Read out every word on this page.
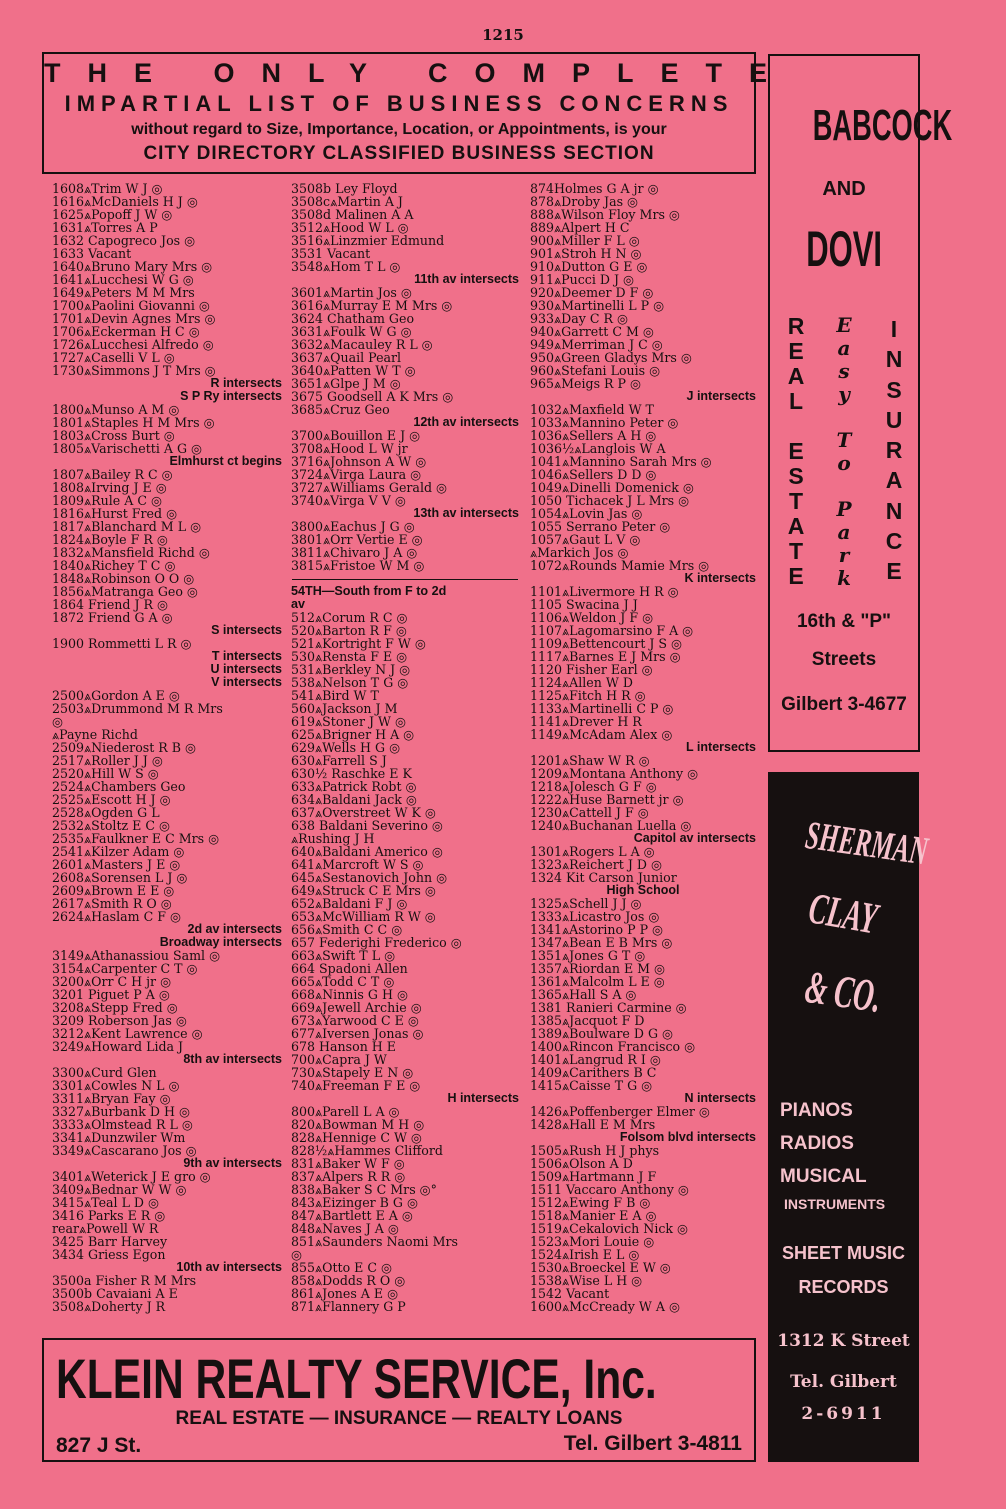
1215
THE ONLY COMPLETE
IMPARTIAL LIST OF BUSINESS CONCERNS
without regard to Size, Importance, Location, or Appointments, is your
CITY DIRECTORY CLASSIFIED BUSINESS SECTION
1608⩓Trim W J ◎
1616⩓McDaniels H J ◎
1625⩓Popoff J W ◎
1631⩓Torres A P
1632 Capogreco Jos ◎
1633 Vacant
1640⩓Bruno Mary Mrs ◎
1641⩓Lucchesi W G ◎
1649⩓Peters M M Mrs
1700⩓Paolini Giovanni ◎
1701⩓Devin Agnes Mrs ◎
1706⩓Eckerman H C ◎
1726⩓Lucchesi Alfredo ◎
1727⩓Caselli V L ◎
1730⩓Simmons J T Mrs ◎
R intersects
S P Ry intersects
1800⩓Munso A M ◎
1801⩓Staples H M Mrs ◎
1803⩓Cross Burt ◎
1805⩓Varischetti A G ◎
Elmhurst ct begins
1807⩓Bailey R C ◎
1808⩓Irving J E ◎
1809⩓Rule A C ◎
1816⩓Hurst Fred ◎
1817⩓Blanchard M L ◎
1824⩓Boyle F R ◎
1832⩓Mansfield Richd ◎
1840⩓Richey T C ◎
1848⩓Robinson O O ◎
1856⩓Matranga Geo ◎
1864 Friend J R ◎
1872 Friend G A ◎
S intersects
1900 Rommetti L R ◎
T intersects
U intersects
V intersects
2500⩓Gordon A E ◎
2503⩓Drummond M R Mrs
◎
⩓Payne Richd
2509⩓Niederost R B ◎
2517⩓Roller J J ◎
2520⩓Hill W S ◎
2524⩓Chambers Geo
2525⩓Escott H J ◎
2528⩓Ogden G L
2532⩓Stoltz E C ◎
2535⩓Faulkner E C Mrs ◎
2541⩓Kilzer Adam ◎
2601⩓Masters J E ◎
2608⩓Sorensen L J ◎
2609⩓Brown E E ◎
2617⩓Smith R O ◎
2624⩓Haslam C F ◎
2d av intersects
Broadway intersects
3149⩓Athanassiou Saml ◎
3154⩓Carpenter C T ◎
3200⩓Orr C H jr ◎
3201 Piguet P A ◎
3208⩓Stepp Fred ◎
3209 Roberson Jas ◎
3212⩓Kent Lawrence ◎
3249⩓Howard Lida J
8th av intersects
3300⩓Curd Glen
3301⩓Cowles N L ◎
3311⩓Bryan Fay ◎
3327⩓Burbank D H ◎
3333⩓Olmstead R L ◎
3341⩓Dunzwiler Wm
3349⩓Cascarano Jos ◎
9th av intersects
3401⩓Weterick J E gro ◎
3409⩓Bednar W W ◎
3415⩓Teal L D ◎
3416 Parks E R ◎
rear⩓Powell W R
3425 Barr Harvey
3434 Griess Egon
10th av intersects
3500a Fisher R M Mrs
3500b Cavaiani A E
3508⩓Doherty J R
3508b Ley Floyd
3508c⩓Martin A J
3508d Malinen A A
3512⩓Hood W L ◎
3516⩓Linzmier Edmund
3531 Vacant
3548⩓Hom T L ◎
11th av intersects
3601⩓Martin Jos ◎
3616⩓Murray E M Mrs ◎
3624 Chatham Geo
3631⩓Foulk W G ◎
3632⩓Macauley R L ◎
3637⩓Quail Pearl
3640⩓Patten W T ◎
3651⩓Glpe J M ◎
3675 Goodsell A K Mrs ◎
3685⩓Cruz Geo
12th av intersects
3700⩓Bouillon E J ◎
3708⩓Hood L W jr
3716⩓Johnson A W ◎
3724⩓Virga Laura ◎
3727⩓Williams Gerald ◎
3740⩓Virga V V ◎
13th av intersects
3800⩓Eachus J G ◎
3801⩓Orr Vertie E ◎
3811⩓Chivaro J A ◎
3815⩓Fristoe W M ◎
54TH—South from F to 2d
av
512⩓Corum R C ◎
520⩓Barton R F ◎
521⩓Kortright F W ◎
530⩓Rensta F E ◎
531⩓Berkley N J ◎
538⩓Nelson T G ◎
541⩓Bird W T
560⩓Jackson J M
619⩓Stoner J W ◎
625⩓Brigner H A ◎
629⩓Wells H G ◎
630⩓Farrell S J
630½ Raschke E K
633⩓Patrick Robt ◎
634⩓Baldani Jack ◎
637⩓Overstreet W K ◎
638 Baldani Severino ◎
⩓Rushing J H
640⩓Baldani Americo ◎
641⩓Marcroft W S ◎
645⩓Sestanovich John ◎
649⩓Struck C E Mrs ◎
652⩓Baldani F J ◎
653⩓McWilliam R W ◎
656⩓Smith C C ◎
657 Federighi Frederico ◎
663⩓Swift T L ◎
664 Spadoni Allen
665⩓Todd C T ◎
668⩓Ninnis G H ◎
669⩓Jewell Archie ◎
673⩓Yarwood C E ◎
677⩓Iversen Jonas ◎
678 Hanson H E
700⩓Capra J W
730⩓Stapely E N ◎
740⩓Freeman F E ◎
H intersects
800⩓Parell L A ◎
820⩓Bowman M H ◎
828⩓Hennige C W ◎
828½⩓Hammes Clifford
831⩓Baker W F ◎
837⩓Alpers R R ◎
838⩓Baker S C Mrs ◎°
843⩓Eizinger B G ◎
847⩓Bartlett E A ◎
848⩓Naves J A ◎
851⩓Saunders Naomi Mrs
◎
855⩓Otto E C ◎
858⩓Dodds R O ◎
861⩓Jones A E ◎
871⩓Flannery G P
874Holmes G A jr ◎
878⩓Droby Jas ◎
888⩓Wilson Floy Mrs ◎
889⩓Alpert H C
900⩓Miller F L ◎
901⩓Stroh H N ◎
910⩓Dutton G E ◎
911⩓Pucci D J ◎
920⩓Deemer D F ◎
930⩓Martinelli L P ◎
933⩓Day C R ◎
940⩓Garrett C M ◎
949⩓Merriman J C ◎
950⩓Green Gladys Mrs ◎
960⩓Stefani Louis ◎
965⩓Meigs R P ◎
J intersects
1032⩓Maxfield W T
1033⩓Mannino Peter ◎
1036⩓Sellers A H ◎
1036½⩓Langlois W A
1041⩓Mannino Sarah Mrs ◎
1046⩓Sellers D D ◎
1049⩓Dinelli Domenick ◎
1050 Tichacek J L Mrs ◎
1054⩓Lovin Jas ◎
1055 Serrano Peter ◎
1057⩓Gaut L V ◎
⩓Markich Jos ◎
1072⩓Rounds Mamie Mrs ◎
K intersects
1101⩓Livermore H R ◎
1105 Swacina J J
1106⩓Weldon J F ◎
1107⩓Lagomarsino F A ◎
1109⩓Bettencourt J S ◎
1117⩓Barnes E J Mrs ◎
1120 Fisher Earl ◎
1124⩓Allen W D
1125⩓Fitch H R ◎
1133⩓Martinelli C P ◎
1141⩓Drever H R
1149⩓McAdam Alex ◎
L intersects
1201⩓Shaw W R ◎
1209⩓Montana Anthony ◎
1218⩓Jolesch G F ◎
1222⩓Huse Barnett jr ◎
1230⩓Cattell J F ◎
1240⩓Buchanan Luella ◎
Capitol av intersects
1301⩓Rogers L A ◎
1323⩓Reichert J D ◎
1324 Kit Carson Junior
High School
1325⩓Schell J J ◎
1333⩓Licastro Jos ◎
1341⩓Astorino P P ◎
1347⩓Bean E B Mrs ◎
1351⩓Jones G T ◎
1357⩓Riordan E M ◎
1361⩓Malcolm L E ◎
1365⩓Hall S A ◎
1381 Ranieri Carmine ◎
1385⩓Jacquot F D
1389⩓Boulware D G ◎
1400⩓Rincon Francisco ◎
1401⩓Langrud R I ◎
1409⩓Carithers B C
1415⩓Caisse T G ◎
N intersects
1426⩓Poffenberger Elmer ◎
1428⩓Hall E M Mrs
Folsom blvd intersects
1505⩓Rush H J phys
1506⩓Olson A D
1509⩓Hartmann J F
1511 Vaccaro Anthony ◎
1512⩓Ewing F B ◎
1518⩓Manier E A ◎
1519⩓Cekalovich Nick ◎
1523⩓Mori Louie ◎
1524⩓Irish E L ◎
1530⩓Broeckel E W ◎
1538⩓Wise L H ◎
1542 Vacant
1600⩓McCready W A ◎
BABCOCK
AND
DOVI
R
E
A
L
E
S
T
A
T
E
E
a
s
y
T
o
P
a
r
k
I
N
S
U
R
A
N
C
E
16th & "P"
Streets
Gilbert 3-4677
SHERMAN
CLAY
& CO.
PIANOS
RADIOS
MUSICAL
INSTRUMENTS
SHEET MUSIC
RECORDS
1312 K Street
Tel. Gilbert
2-6911
KLEIN REALTY SERVICE, Inc.
REAL ESTATE — INSURANCE — REALTY LOANS
827 J St.	Tel. Gilbert 3-4811
